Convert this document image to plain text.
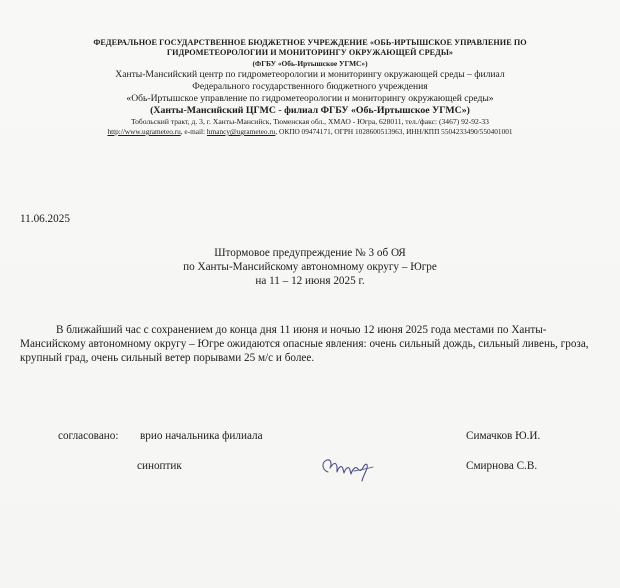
ФЕДЕРАЛЬНОЕ ГОСУДАРСТВЕННОЕ БЮДЖЕТНОЕ УЧРЕЖДЕНИЕ «ОБЬ-ИРТЫШСКОЕ УПРАВЛЕНИЕ ПО
ГИДРОМЕТЕОРОЛОГИИ И МОНИТОРИНГУ ОКРУЖАЮЩЕЙ СРЕДЫ»
(ФГБУ «Обь-Иртышское УГМС»)
Ханты-Мансийский центр по гидрометеорологии и мониторингу окружающей среды – филиал
Федерального государственного бюджетного учреждения
«Обь-Иртышское управление по гидрометеорологии и мониторингу окружающей среды»
(Ханты-Мансийский ЦГМС - филиал ФГБУ «Обь-Иртышское УГМС»)
Тобольский тракт, д. 3, г. Ханты-Мансийск, Тюменская обл., ХМАО - Югра, 628011, тел./факс: (3467) 92-92-33
http://www.ugrameteo.ru, e-mail: hmancy@ugrameteo.ru, ОКПО 09474171, ОГРН 1028600513963, ИНН/КПП 5504233490/550401001
11.06.2025
Штормовое предупреждение № 3 об ОЯ
по Ханты-Мансийскому автономному округу – Югре
на 11 – 12 июня 2025 г.
В ближайший час с сохранением до конца дня 11 июня и ночью 12 июня 2025 года местами по Ханты-Мансийскому автономному округу – Югре ожидаются опасные явления: очень сильный дождь, сильный ливень, гроза, крупный град, очень сильный ветер порывами 25 м/с и более.
согласовано: врио начальника филиала	Симачков Ю.И.
синоптик	Смирнова С.В.
